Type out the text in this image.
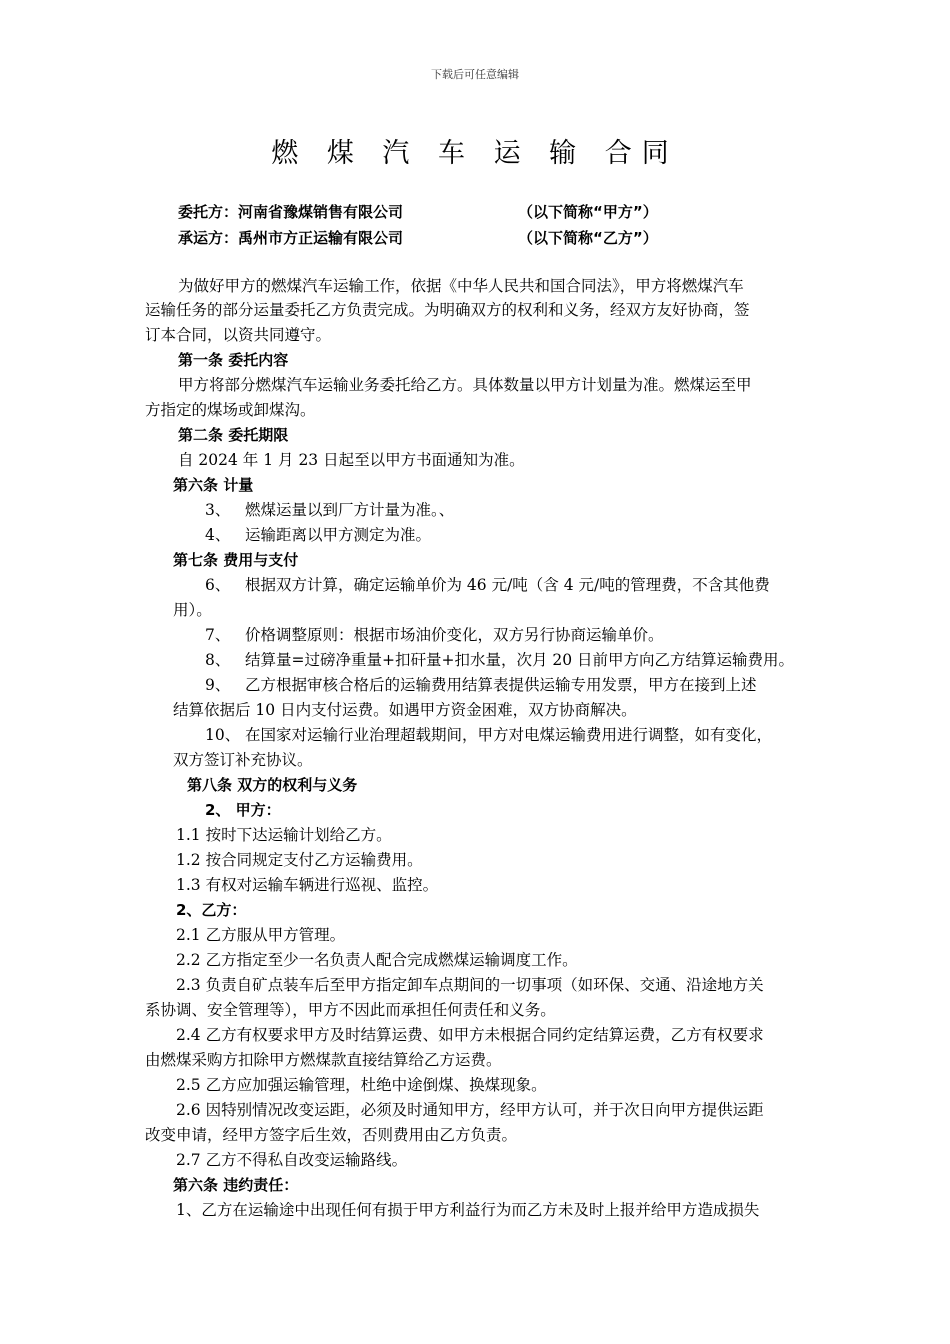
下载后可任意编辑
燃 煤 汽 车 运 输 合同
委托方：河南省豫煤销售有限公司	（以下简称“甲方”）
承运方：禹州市方正运输有限公司	（以下简称“乙方”）
为做好甲方的燃煤汽车运输工作，依据《中华人民共和国合同法》，甲方将燃煤汽车
运输任务的部分运量委托乙方负责完成。为明确双方的权利和义务，经双方友好协商，签
订本合同，以资共同遵守。
第一条 委托内容
甲方将部分燃煤汽车运输业务委托给乙方。具体数量以甲方计划量为准。燃煤运至甲
方指定的煤场或卸煤沟。
第二条 委托期限
自 2024 年 1 月 23 日起至以甲方书面通知为准。
第六条 计量
3、 燃煤运量以到厂方计量为准。、
4、 运输距离以甲方测定为准。
第七条 费用与支付
6、 根据双方计算，确定运输单价为 46 元/吨（含 4 元/吨的管理费，不含其他费
用）。
7、 价格调整原则：根据市场油价变化，双方另行协商运输单价。
8、 结算量=过磅净重量+扣矸量+扣水量，次月 20 日前甲方向乙方结算运输费用。
9、 乙方根据审核合格后的运输费用结算表提供运输专用发票，甲方在接到上述
结算依据后 10 日内支付运费。如遇甲方资金困难，双方协商解决。
10、 在国家对运输行业治理超载期间，甲方对电煤运输费用进行调整，如有变化，
双方签订补充协议。
第八条 双方的权利与义务
2、 甲方：
1.1 按时下达运输计划给乙方。
1.2 按合同规定支付乙方运输费用。
1.3 有权对运输车辆进行巡视、监控。
2、乙方：
2.1 乙方服从甲方管理。
2.2 乙方指定至少一名负责人配合完成燃煤运输调度工作。
2.3 负责自矿点装车后至甲方指定卸车点期间的一切事项（如环保、交通、沿途地方关
系协调、安全管理等），甲方不因此而承担任何责任和义务。
2.4 乙方有权要求甲方及时结算运费、如甲方未根据合同约定结算运费，乙方有权要求
由燃煤采购方扣除甲方燃煤款直接结算给乙方运费。
2.5 乙方应加强运输管理，杜绝中途倒煤、换煤现象。
2.6 因特别情况改变运距，必须及时通知甲方，经甲方认可，并于次日向甲方提供运距
改变申请，经甲方签字后生效，否则费用由乙方负责。
2.7 乙方不得私自改变运输路线。
第六条 违约责任：
1、乙方在运输途中出现任何有损于甲方利益行为而乙方未及时上报并给甲方造成损失
